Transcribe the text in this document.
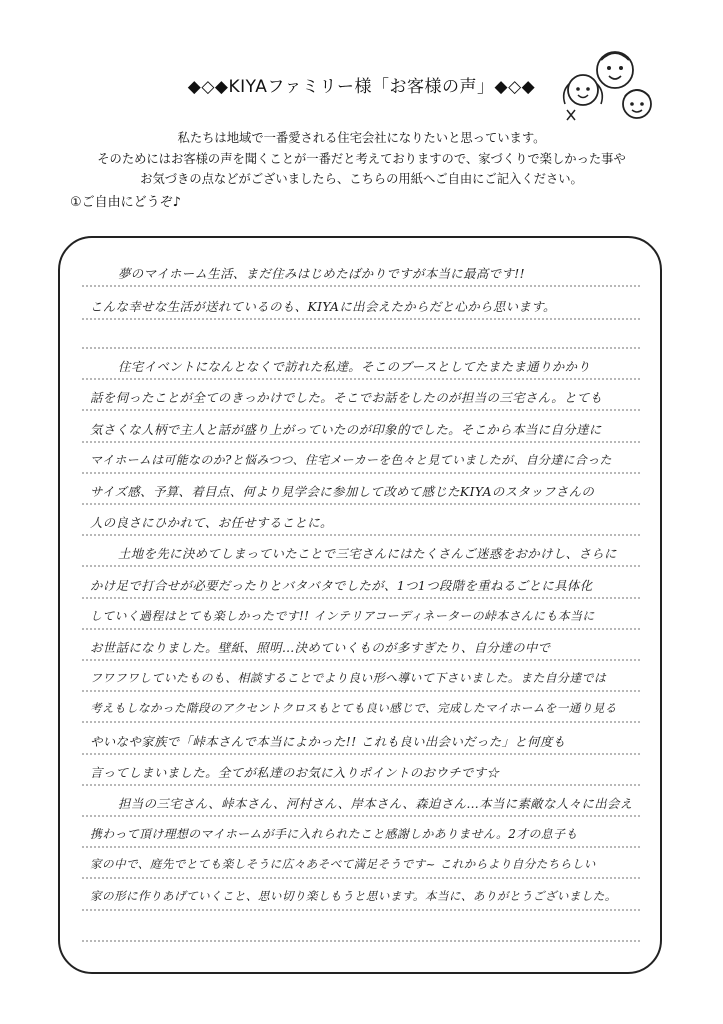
◆◇◆KIYAファミリー様「お客様の声」◆◇◆
私たちは地域で一番愛される住宅会社になりたいと思っています。
そのためにはお客様の声を聞くことが一番だと考えておりますので、家づくりで楽しかった事や
お気づきの点などがございましたら、こちらの用紙へご自由にご記入ください。
①ご自由にどうぞ♪
夢のマイホーム生活、まだ住みはじめたばかりですが本当に最高です!!
こんな幸せな生活が送れているのも、KIYAに出会えたからだと心から思います。
住宅イベントになんとなくで訪れた私達。そこのブースとしてたまたま通りかかり
話を伺ったことが全てのきっかけでした。そこでお話をしたのが担当の三宅さん。とても
気さくな人柄で主人と話が盛り上がっていたのが印象的でした。そこから本当に自分達に
マイホームは可能なのか?と悩みつつ、住宅メーカーを色々と見ていましたが、自分達に合った
サイズ感、予算、着目点、何より見学会に参加して改めて感じたKIYAのスタッフさんの
人の良さにひかれて、お任せすることに。
土地を先に決めてしまっていたことで三宅さんにはたくさんご迷惑をおかけし、さらに
かけ足で打合せが必要だったりとバタバタでしたが、1つ1つ段階を重ねるごとに具体化
していく過程はとても楽しかったです!! インテリアコーディネーターの峠本さんにも本当に
お世話になりました。壁紙、照明…決めていくものが多すぎたり、自分達の中で
フワフワしていたものも、相談することでより良い形へ導いて下さいました。また自分達では
考えもしなかった階段のアクセントクロスもとても良い感じで、完成したマイホームを一通り見る
やいなや家族で「峠本さんで本当によかった!! これも良い出会いだった」と何度も
言ってしまいました。全てが私達のお気に入りポイントのおウチです☆
担当の三宅さん、峠本さん、河村さん、岸本さん、森迫さん…本当に素敵な人々に出会え
携わって頂け理想のマイホームが手に入れられたこと感謝しかありません。2才の息子も
家の中で、庭先でとても楽しそうに広々あそべて満足そうです~ これからより自分たちらしい
家の形に作りあげていくこと、思い切り楽しもうと思います。本当に、ありがとうございました。
